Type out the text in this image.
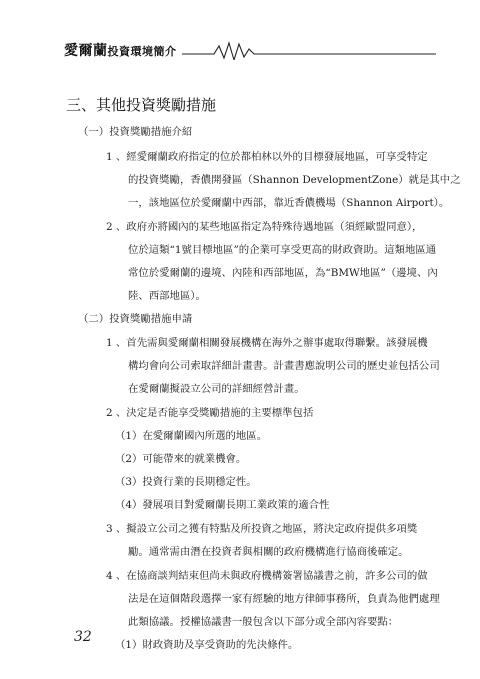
愛爾蘭投資環境簡介
三、其他投資獎勵措施
（一）投資獎勵措施介紹
1 、經愛爾蘭政府指定的位於都柏林以外的目標發展地區，可享受特定
的投資獎勵，香儂開發區（Shannon DevelopmentZone）就是其中之
一，該地區位於愛爾蘭中西部，靠近香儂機場（Shannon Airport）。
2 、政府亦將國內的某些地區指定為特殊待遇地區（須經歐盟同意），
位於這類“1號目標地區”的企業可享受更高的財政資助。這類地區通
常位於愛爾蘭的邊境、內陸和西部地區，為“BMW地區”（邊境、內
陸、西部地區）。
（二）投資獎勵措施申請
1 、首先需與愛爾蘭相關發展機構在海外之辦事處取得聯繫。該發展機
構均會向公司索取詳細計畫書。計畫書應說明公司的歷史並包括公司
在愛爾蘭擬設立公司的詳細經營計畫。
2 、決定是否能享受獎勵措施的主要標準包括
（1）在愛爾蘭國內所選的地區。
（2）可能帶來的就業機會。
（3）投資行業的長期穩定性。
（4）發展項目對愛爾蘭長期工業政策的適合性
3 、擬設立公司之獲有特點及所投資之地區，將決定政府提供多項獎
勵。通常需由潛在投資者與相關的政府機構進行協商後確定。
4 、在協商談判結束但尚未與政府機構簽署協議書之前，許多公司的做
法是在這個階段選擇一家有經驗的地方律師事務所，負責為他們處理
此類協議。授權協議書一般包含以下部分或全部內容要點：
（1）財政資助及享受資助的先決條件。
32
